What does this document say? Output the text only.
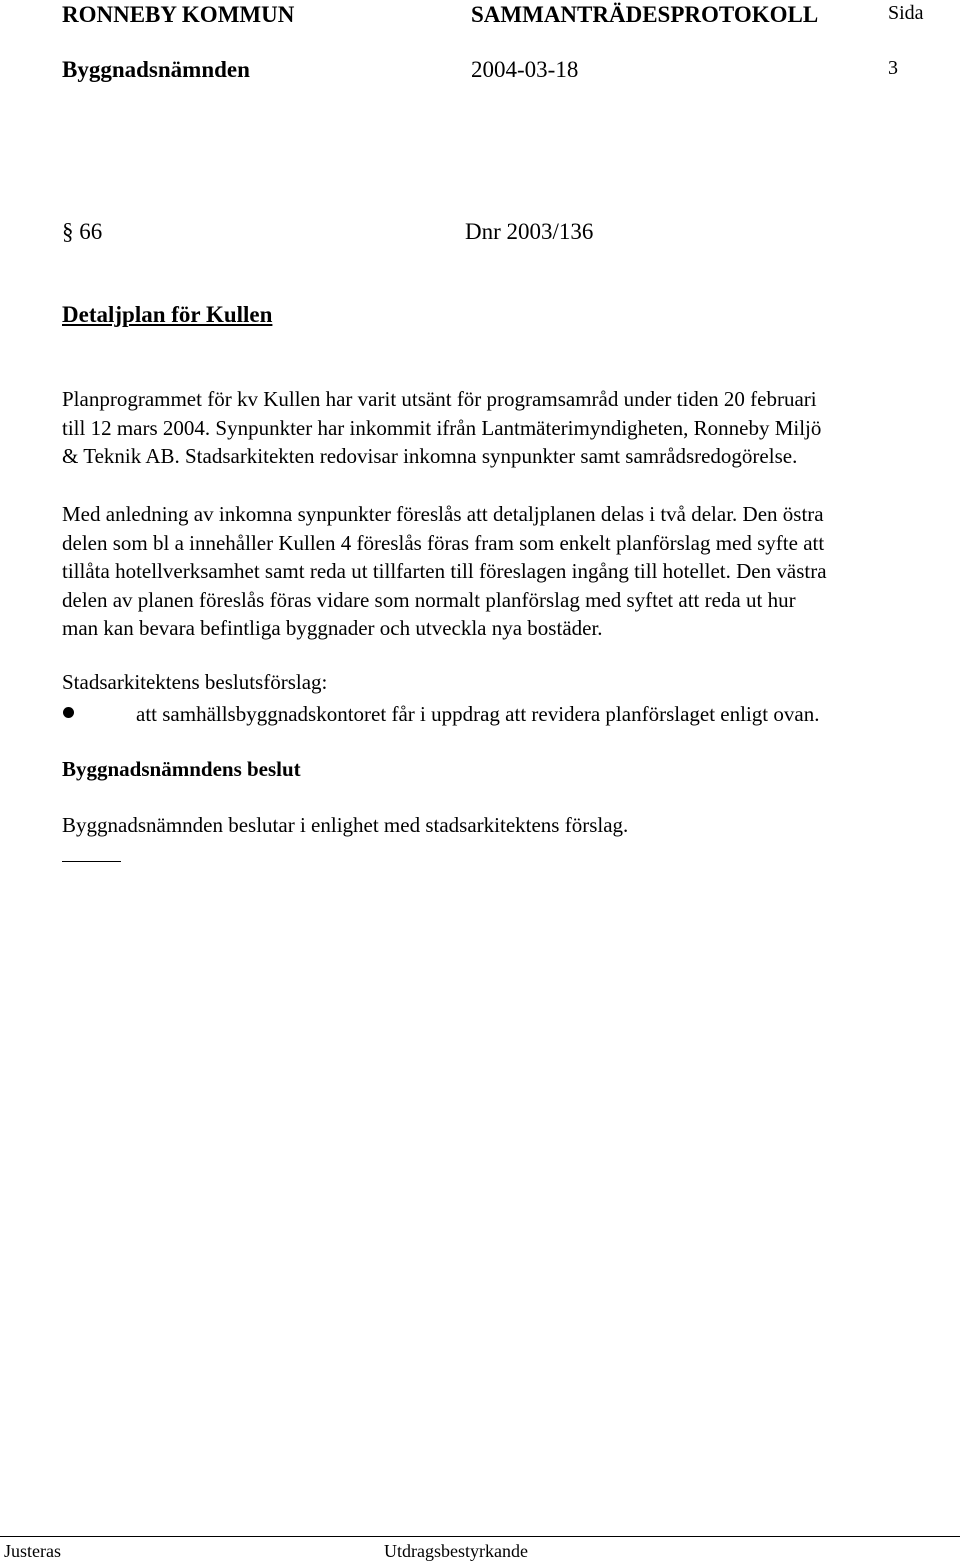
RONNEBY KOMMUN	SAMMANTRÄDESPROTOKOLL	Sida
Byggnadsnämnden	2004-03-18	3
§ 66	Dnr 2003/136
Detaljplan för Kullen
Planprogrammet för kv Kullen har varit utsänt för programsamråd under tiden 20 februari
till 12 mars 2004. Synpunkter har inkommit ifrån Lantmäterimyndigheten, Ronneby Miljö
& Teknik AB. Stadsarkitekten redovisar inkomna synpunkter samt samrådsredogörelse.
Med anledning av inkomna synpunkter föreslås att detaljplanen delas i två delar. Den östra
delen som bl a innehåller Kullen 4 föreslås föras fram som enkelt planförslag med syfte att
tillåta hotellverksamhet samt reda ut tillfarten till föreslagen ingång till hotellet. Den västra
delen av planen föreslås föras vidare som normalt planförslag med syftet att reda ut hur
man kan bevara befintliga byggnader och utveckla nya bostäder.
Stadsarkitektens beslutsförslag:
att samhällsbyggnadskontoret får i uppdrag att revidera planförslaget enligt ovan.
Byggnadsnämndens beslut
Byggnadsnämnden beslutar i enlighet med stadsarkitektens förslag.
Justeras	Utdragsbestyrkande
